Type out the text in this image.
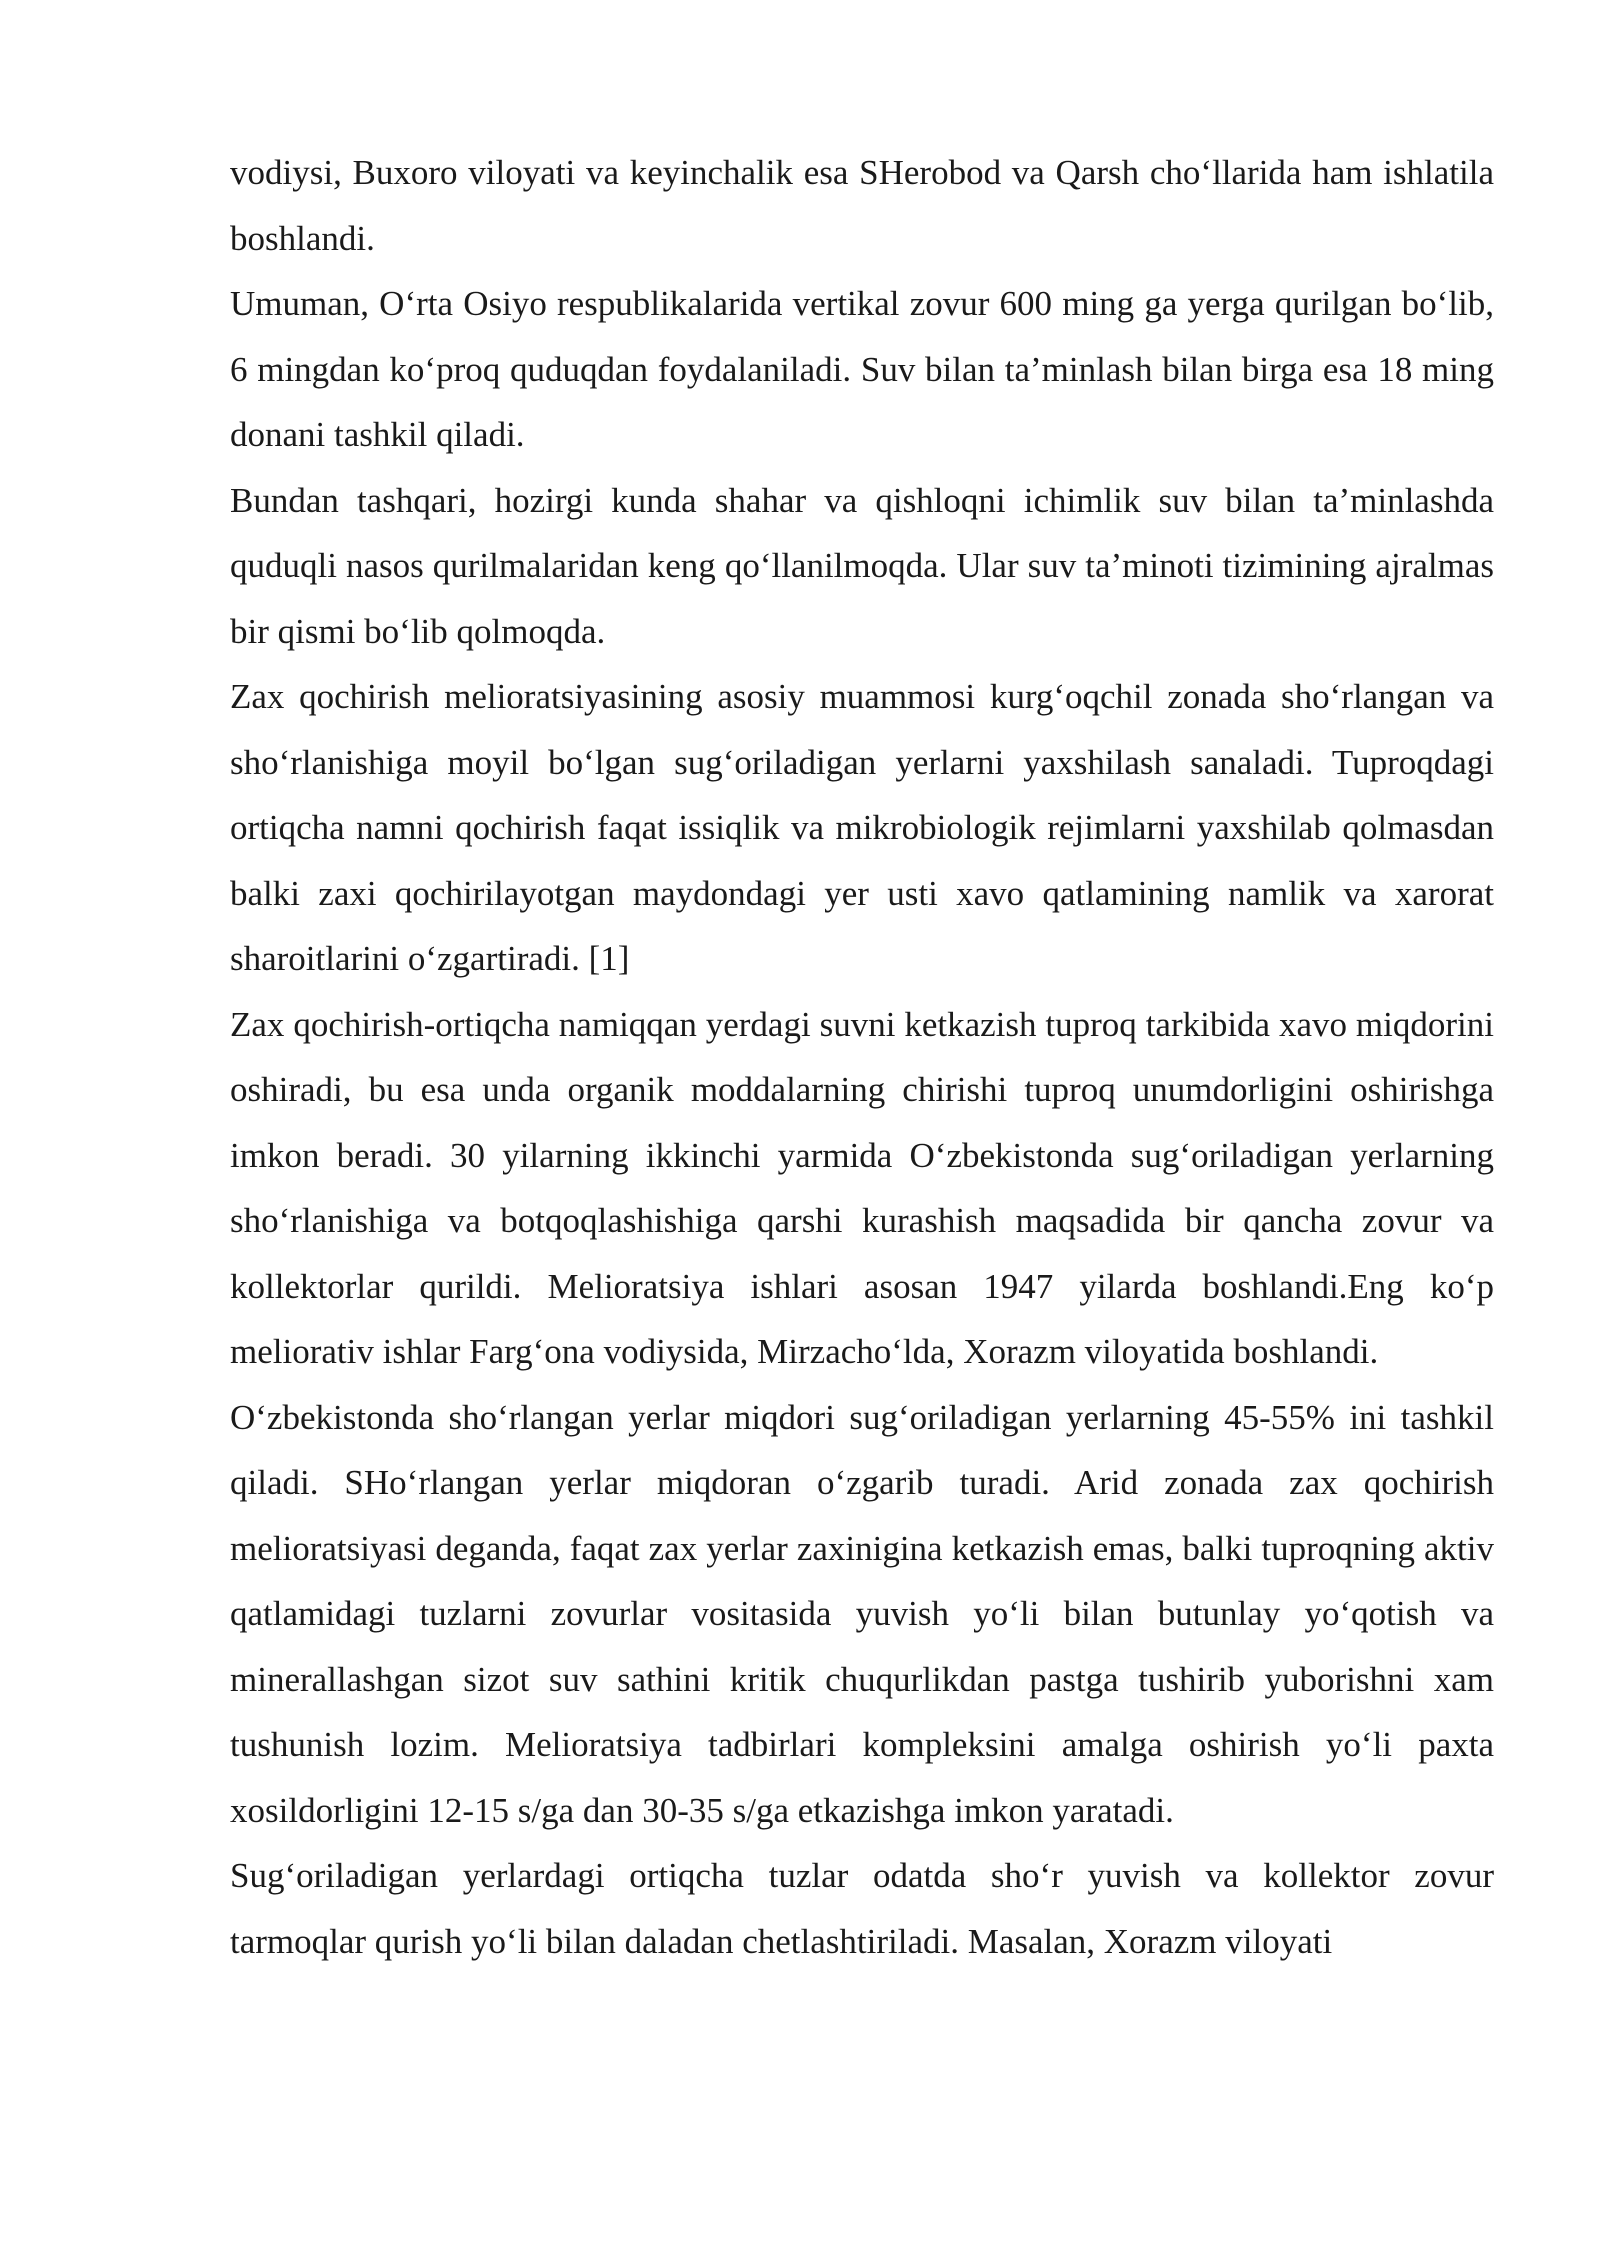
vodiysi, Buxoro viloyati va keyinchalik esa SHerobod va Qarsh cho‘llarida ham ishlatila boshlandi.

Umuman, O‘rta Osiyo respublikalarida vertikal zovur 600 ming ga yerga qurilgan bo‘lib, 6 mingdan ko‘proq quduqdan foydalaniladi. Suv bilan ta’minlash bilan birga esa 18 ming donani tashkil qiladi.

Bundan tashqari, hozirgi kunda shahar va qishloqni ichimlik suv bilan ta’minlashda quduqli nasos qurilmalaridan keng qo‘llanilmoqda. Ular suv ta’minoti tizimining ajralmas bir qismi bo‘lib qolmoqda.

Zax qochirish melioratsiyasining asosiy muammosi kurg‘oqchil zonada sho‘rlangan va sho‘rlanishiga moyil bo‘lgan sug‘oriladigan yerlarni yaxshilash sanaladi. Tuproqdagi ortiqcha namni qochirish faqat issiqlik va mikrobiologik rejimlarni yaxshilab qolmasdan balki zaxi qochirilayotgan maydondagi yer usti xavo qatlamining namlik va xarorat sharoitlarini o‘zgartiradi. [1]

Zax qochirish-ortiqcha namiqqan yerdagi suvni ketkazish tuproq tarkibida xavo miqdorini oshiradi, bu esa unda organik moddalarning chirishi tuproq unumdorligini oshirishga imkon beradi. 30 yilarning ikkinchi yarmida O‘zbekistonda sug‘oriladigan yerlarning sho‘rlanishiga va botqoqlashishiga qarshi kurashish maqsadida bir qancha zovur va kollektorlar qurildi. Melioratsiya ishlari asosan 1947 yilarda boshlandi.Eng ko‘p meliorativ ishlar Farg‘ona vodiysida, Mirzacho‘lda, Xorazm viloyatida boshlandi.

O‘zbekistonda sho‘rlangan yerlar miqdori sug‘oriladigan yerlarning 45-55% ini tashkil qiladi. SHo‘rlangan yerlar miqdoran o‘zgarib turadi. Arid zonada zax qochirish melioratsiyasi deganda, faqat zax yerlar zaxinigina ketkazish emas, balki tuproqning aktiv qatlamidagi tuzlarni zovurlar vositasida yuvish yo‘li bilan butunlay yo‘qotish va minerallashgan sizot suv sathini kritik chuqurlikdan pastga tushirib yuborishni xam tushunish lozim. Melioratsiya tadbirlari kompleksini amalga oshirish yo‘li paxta xosildorligini 12-15 s/ga dan 30-35 s/ga etkazishga imkon yaratadi.

Sug‘oriladigan yerlardagi ortiqcha tuzlar odatda sho‘r yuvish va kollektor zovur tarmoqlar qurish yo‘li bilan daladan chetlashtiriladi. Masalan, Xorazm viloyati
